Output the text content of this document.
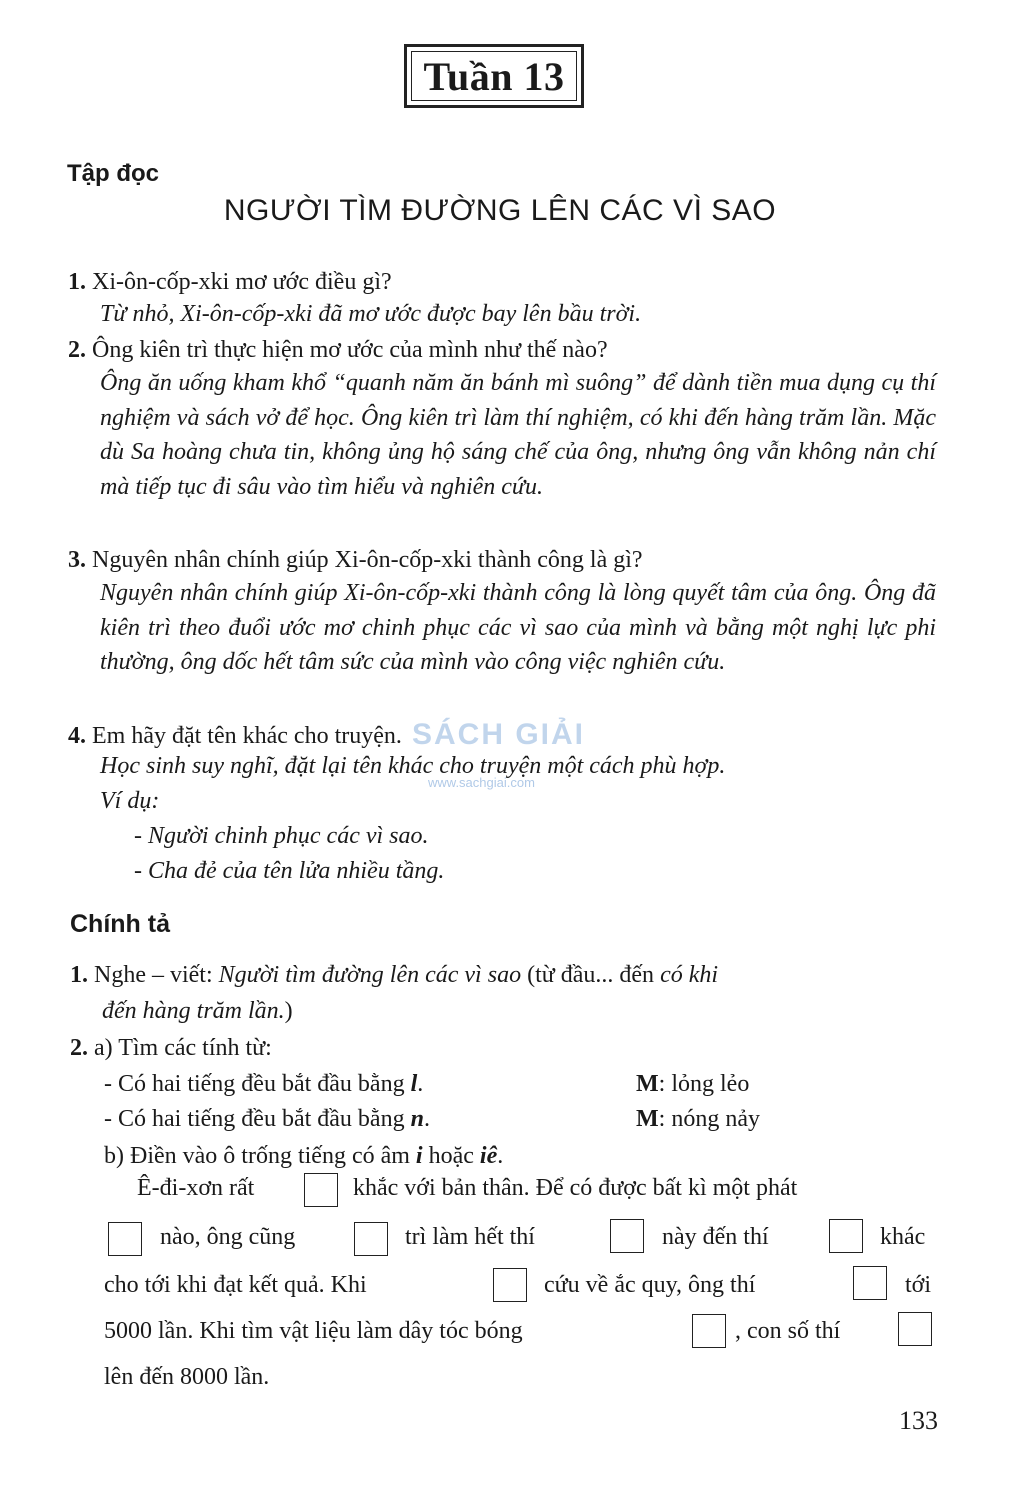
Tuần 13
Tập đọc
NGƯỜI TÌM ĐƯỜNG LÊN CÁC VÌ SAO
1. Xi-ôn-cốp-xki mơ ước điều gì?
Từ nhỏ, Xi-ôn-cốp-xki đã mơ ước được bay lên bầu trời.
2. Ông kiên trì thực hiện mơ ước của mình như thế nào?
Ông ăn uống kham khổ “quanh năm ăn bánh mì suông” để dành tiền mua dụng cụ thí nghiệm và sách vở để học. Ông kiên trì làm thí nghiệm, có khi đến hàng trăm lần. Mặc dù Sa hoàng chưa tin, không ủng hộ sáng chế của ông, nhưng ông vẫn không nản chí mà tiếp tục đi sâu vào tìm hiểu và nghiên cứu.
3. Nguyên nhân chính giúp Xi-ôn-cốp-xki thành công là gì?
Nguyên nhân chính giúp Xi-ôn-cốp-xki thành công là lòng quyết tâm của ông. Ông đã kiên trì theo đuổi ước mơ chinh phục các vì sao của mình và bằng một nghị lực phi thường, ông dốc hết tâm sức của mình vào công việc nghiên cứu.
4. Em hãy đặt tên khác cho truyện.
Học sinh suy nghĩ, đặt lại tên khác cho truyện một cách phù hợp.
Ví dụ:
- Người chinh phục các vì sao.
- Cha đẻ của tên lửa nhiều tầng.
SÁCH GIẢI
www.sachgiai.com
Chính tả
1. Nghe – viết: Người tìm đường lên các vì sao (từ đầu... đến có khi
đến hàng trăm lần.)
2. a) Tìm các tính từ:
- Có hai tiếng đều bắt đầu bằng l.	M: lỏng lẻo
- Có hai tiếng đều bắt đầu bằng n.	M: nóng nảy
b) Điền vào ô trống tiếng có âm i hoặc iê.
Ê-đi-xơn rất	khắc với bản thân. Để có được bất kì một phát
nào, ông cũng	trì làm hết thí	này đến thí	khác
cho tới khi đạt kết quả. Khi	cứu về ắc quy, ông thí	tới
5000 lần. Khi tìm vật liệu làm dây tóc bóng	, con số thí
lên đến 8000 lần.
133
